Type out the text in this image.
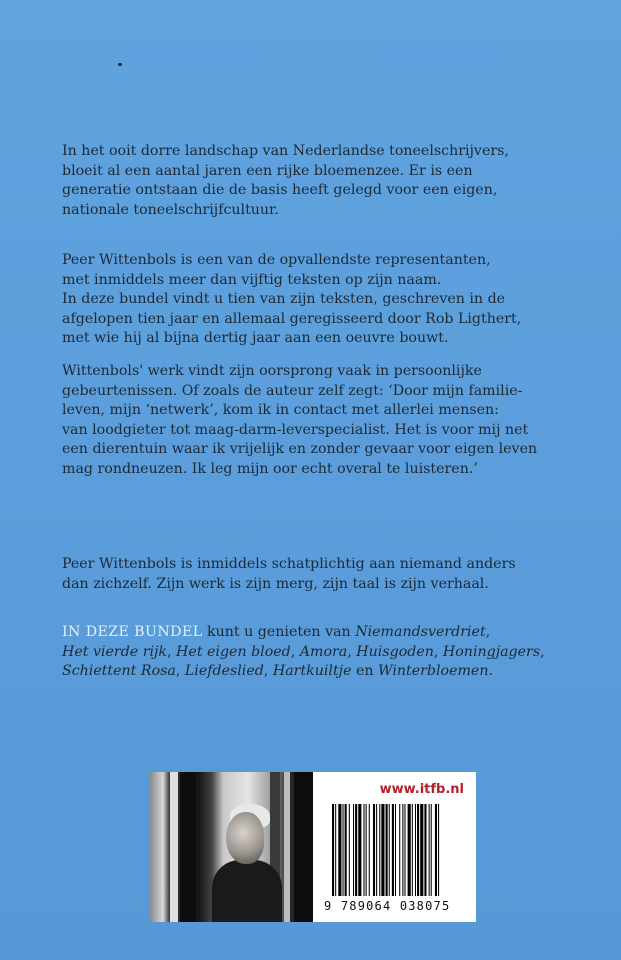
In het ooit dorre landschap van Nederlandse toneelschrijvers,

bloeit al een aantal jaren een rijke bloemenzee. Er is een

generatie ontstaan die de basis heeft gelegd voor een eigen,

nationale toneelschrijfcultuur.

Peer Wittenbols is een van de opvallendste representanten,

met inmiddels meer dan vijftig teksten op zijn naam.

In deze bundel vindt u tien van zijn teksten, geschreven in de

afgelopen tien jaar en allemaal geregisseerd door Rob Ligthert,

met wie hij al bijna dertig jaar aan een oeuvre bouwt.

Wittenbols' werk vindt zijn oorsprong vaak in persoonlijke

gebeurtenissen. Of zoals de auteur zelf zegt: ‘Door mijn familie-

leven, mijn ‘netwerk’, kom ik in contact met allerlei mensen:

van loodgieter tot maag-darm-leverspecialist. Het is voor mij net

een dierentuin waar ik vrijelijk en zonder gevaar voor eigen leven

mag rondneuzen. Ik leg mijn oor echt overal te luisteren.’

Peer Wittenbols is inmiddels schatplichtig aan niemand anders

dan zichzelf. Zijn werk is zijn merg, zijn taal is zijn verhaal.

IN DEZE BUNDEL kunt u genieten van Niemandsverdriet,

Het vierde rijk, Het eigen bloed, Amora, Huisgoden, Honingjagers,

Schiettent Rosa, Liefdeslied, Hartkuiltje en Winterbloemen.

www.itfb.nl
9 789064 038075
